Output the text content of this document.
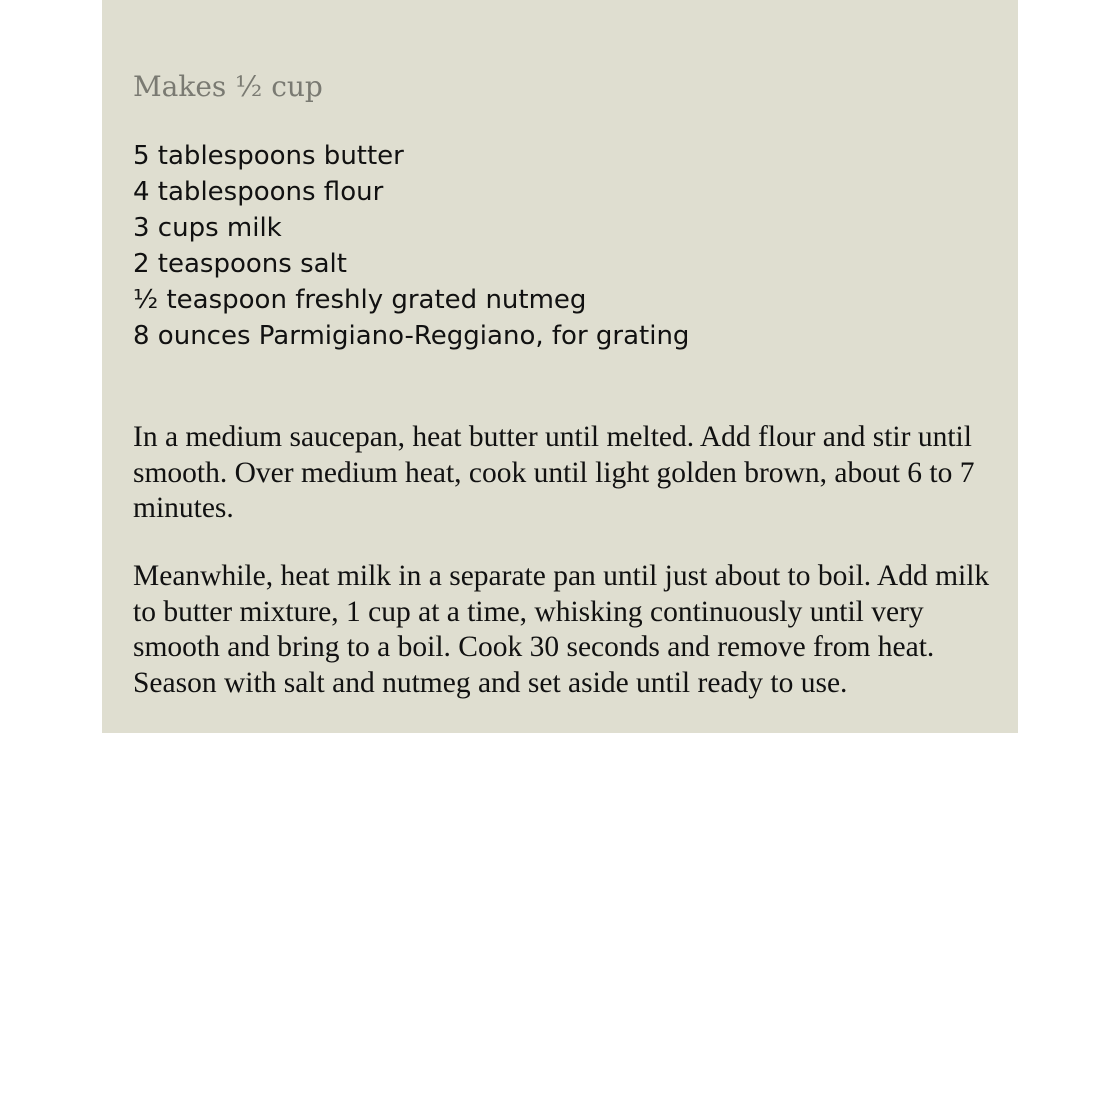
Makes ½ cup
5 tablespoons butter
4 tablespoons flour
3 cups milk
2 teaspoons salt
½ teaspoon freshly grated nutmeg
8 ounces Parmigiano-Reggiano, for grating

In a medium saucepan, heat butter until melted. Add flour and stir until smooth. Over medium heat, cook until light golden brown, about 6 to 7 minutes.

Meanwhile, heat milk in a separate pan until just about to boil. Add milk to butter mixture, 1 cup at a time, whisking continuously until very smooth and bring to a boil. Cook 30 seconds and remove from heat. Season with salt and nutmeg and set aside until ready to use.
